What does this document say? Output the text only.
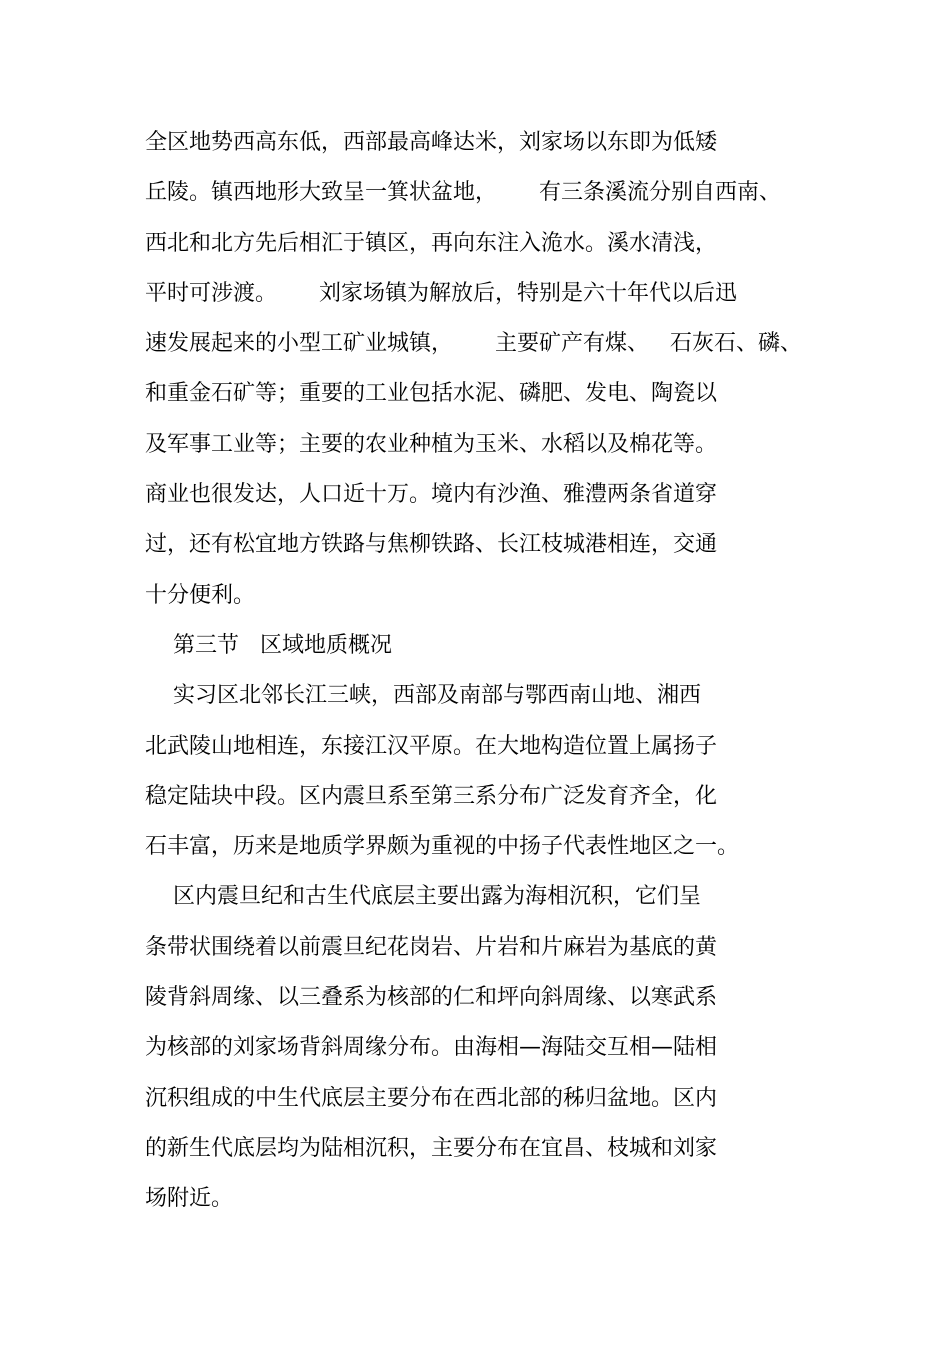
全区地势西高东低，西部最高峰达米，刘家场以东即为低矮
丘陵。镇西地形大致呈一箕状盆地，      有三条溪流分别自西南、
西北和北方先后相汇于镇区，再向东注入洈水。溪水清浅，
平时可涉渡。      刘家场镇为解放后，特别是六十年代以后迅
速发展起来的小型工矿业城镇，      主要矿产有煤、   石灰石、磷、
和重金石矿等；重要的工业包括水泥、磷肥、发电、陶瓷以
及军事工业等；主要的农业种植为玉米、水稻以及棉花等。
商业也很发达，人口近十万。境内有沙渔、雅澧两条省道穿
过，还有松宜地方铁路与焦柳铁路、长江枝城港相连，交通
十分便利。
第三节   区域地质概况
实习区北邻长江三峡，西部及南部与鄂西南山地、湘西
北武陵山地相连，东接江汉平原。在大地构造位置上属扬子
稳定陆块中段。区内震旦系至第三系分布广泛发育齐全，化
石丰富，历来是地质学界颇为重视的中扬子代表性地区之一。
区内震旦纪和古生代底层主要出露为海相沉积，它们呈
条带状围绕着以前震旦纪花岗岩、片岩和片麻岩为基底的黄
陵背斜周缘、以三叠系为核部的仁和坪向斜周缘、以寒武系
为核部的刘家场背斜周缘分布。由海相—海陆交互相—陆相
沉积组成的中生代底层主要分布在西北部的秭归盆地。区内
的新生代底层均为陆相沉积，主要分布在宜昌、枝城和刘家
场附近。
